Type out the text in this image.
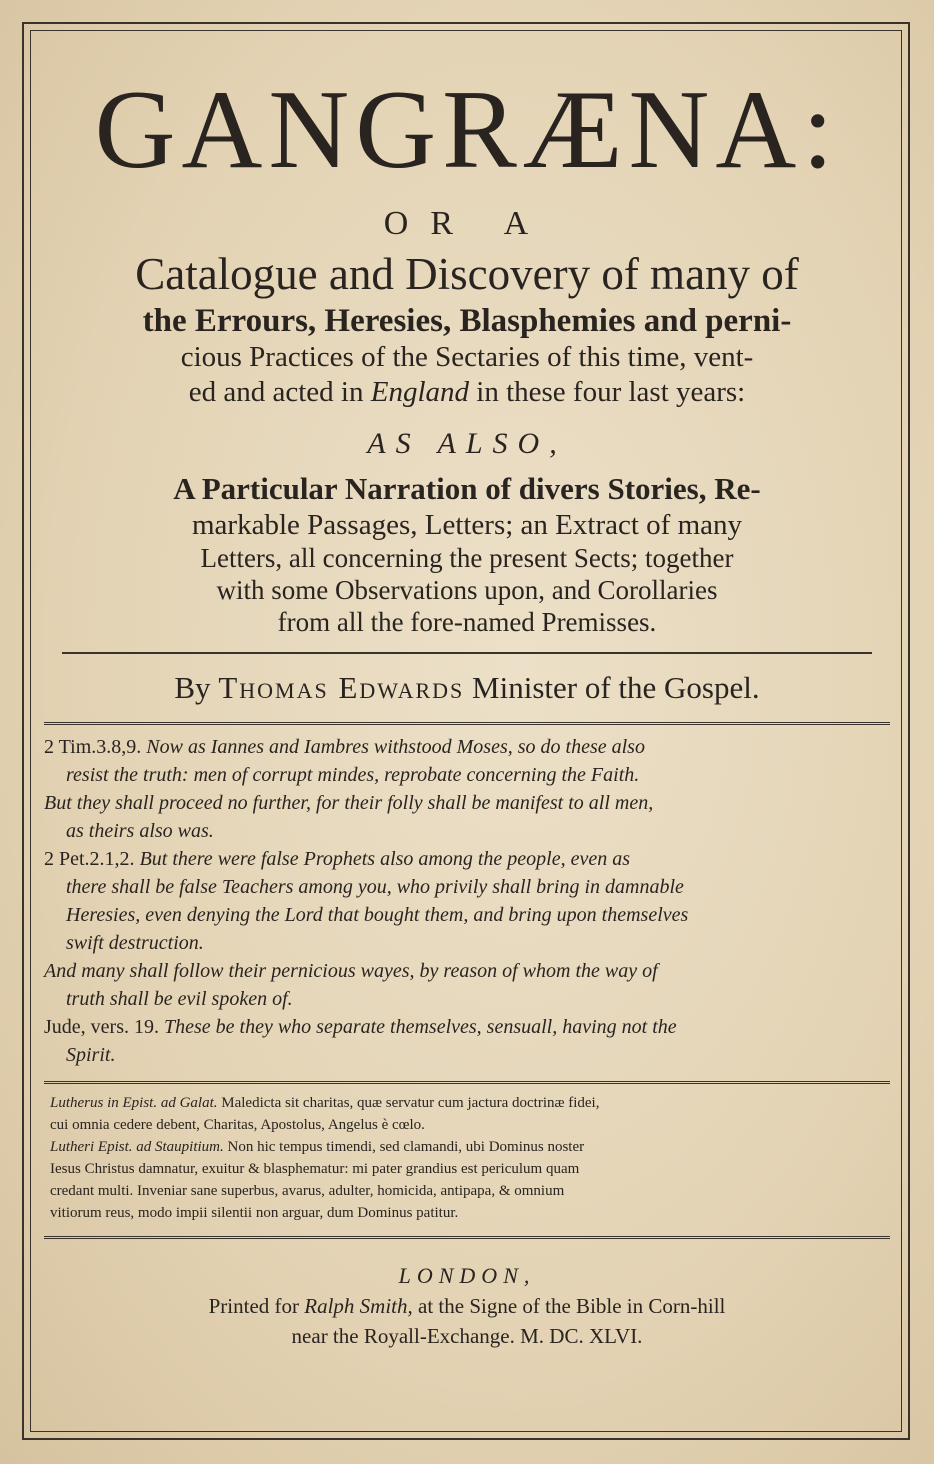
GANGRÆNA:
OR A
Catalogue and Discovery of many of
the Errours, Heresies, Blasphemies and perni-
cious Practices of the Sectaries of this time, vent-
ed and acted in England in these four last years:
AS ALSO,
A Particular Narration of divers Stories, Re-
markable Passages, Letters; an Extract of many
Letters, all concerning the present Sects; together
with some Observations upon, and Corollaries
from all the fore-named Premisses.
By Thomas Edwards Minister of the Gospel.

2 Tim.3.8,9. Now as Iannes and Iambres withstood Moses, so do these also

resist the truth: men of corrupt mindes, reprobate concerning the Faith.

But they shall proceed no further, for their folly shall be manifest to all men,

as theirs also was.

2 Pet.2.1,2. But there were false Prophets also among the people, even as

there shall be false Teachers among you, who privily shall bring in damnable

Heresies, even denying the Lord that bought them, and bring upon themselves

swift destruction.

And many shall follow their pernicious wayes, by reason of whom the way of

truth shall be evil spoken of.

Jude, vers. 19. These be they who separate themselves, sensuall, having not the

Spirit.

Lutherus in Epist. ad Galat. Maledicta sit charitas, quæ servatur cum jactura doctrinæ fidei,

cui omnia cedere debent, Charitas, Apostolus, Angelus è cœlo.

Lutheri Epist. ad Staupitium. Non hic tempus timendi, sed clamandi, ubi Dominus noster

Iesus Christus damnatur, exuitur & blasphematur: mi pater grandius est periculum quam

credant multi. Inveniar sane superbus, avarus, adulter, homicida, antipapa, & omnium

vitiorum reus, modo impii silentii non arguar, dum Dominus patitur.

LONDON,
Printed for Ralph Smith, at the Signe of the Bible in Corn-hill
near the Royall-Exchange. M. DC. XLVI.
